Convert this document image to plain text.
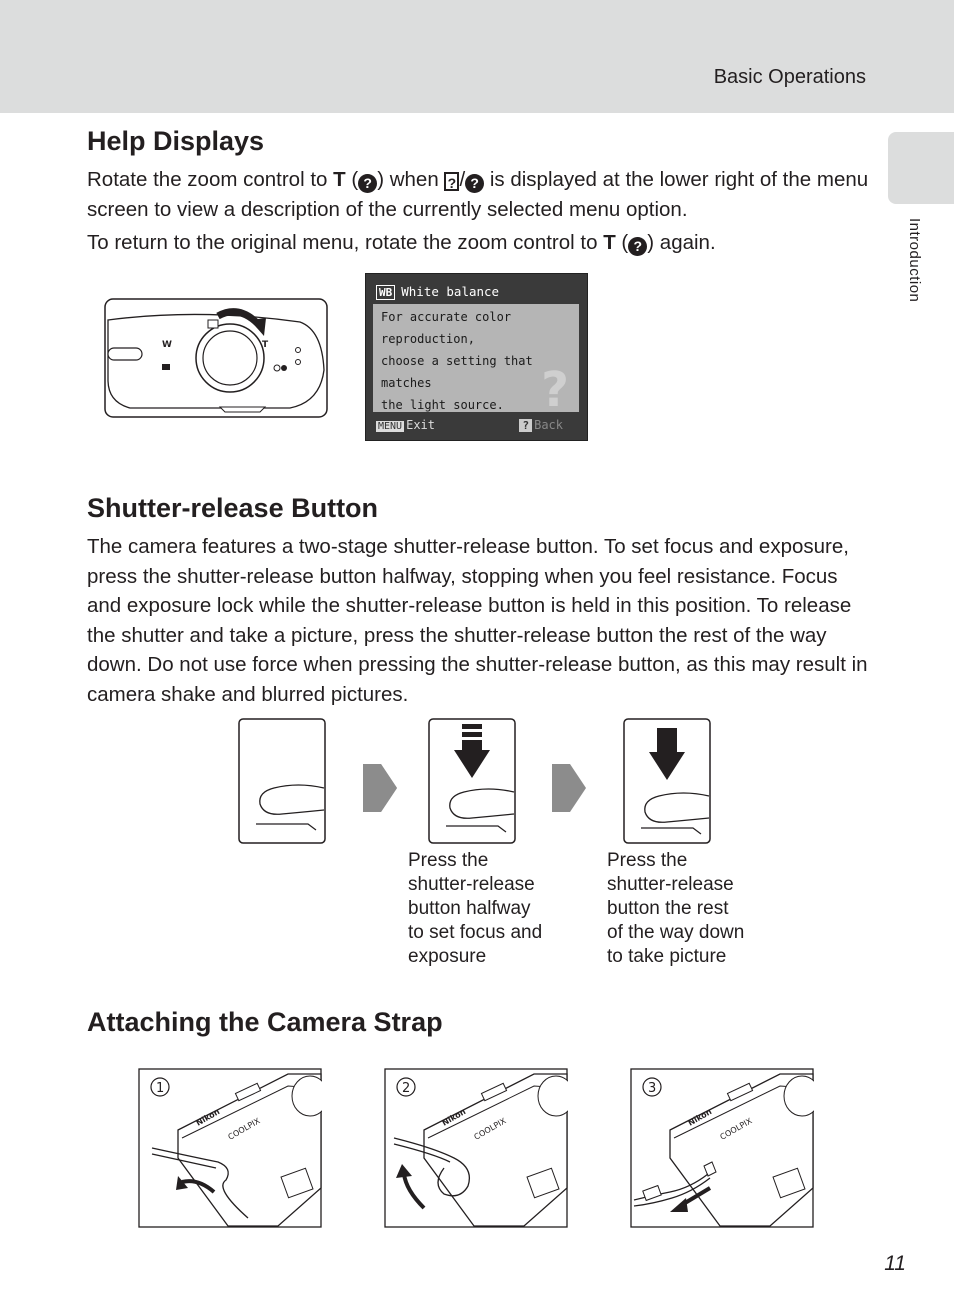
Basic Operations
Introduction
Help Displays

Rotate the zoom control to T ( ? ) when ? / ? is displayed at the lower right of the menu screen to view a description of the currently selected menu option.

To return to the original menu, rotate the zoom control to T ( ? ) again.

W	T
WB White balance

For accurate color reproduction,
choose a setting that matches
the light source. ?
MENU Exit	? Back
Shutter-release Button

The camera features a two-stage shutter-release button. To set focus and exposure, press the shutter-release button halfway, stopping when you feel resistance. Focus and exposure lock while the shutter-release button is held in this position. To release the shutter and take a picture, press the shutter-release button the rest of the way down. Do not use force when pressing the shutter-release button, as this may result in camera shake and blurred pictures.

Press the
shutter-release
button halfway
to set focus and
exposure

Press the
shutter-release
button the rest
of the way down
to take picture

Attaching the Camera Strap
1
Nikon COOLPIX
2
Nikon COOLPIX
3
Nikon COOLPIX
11
